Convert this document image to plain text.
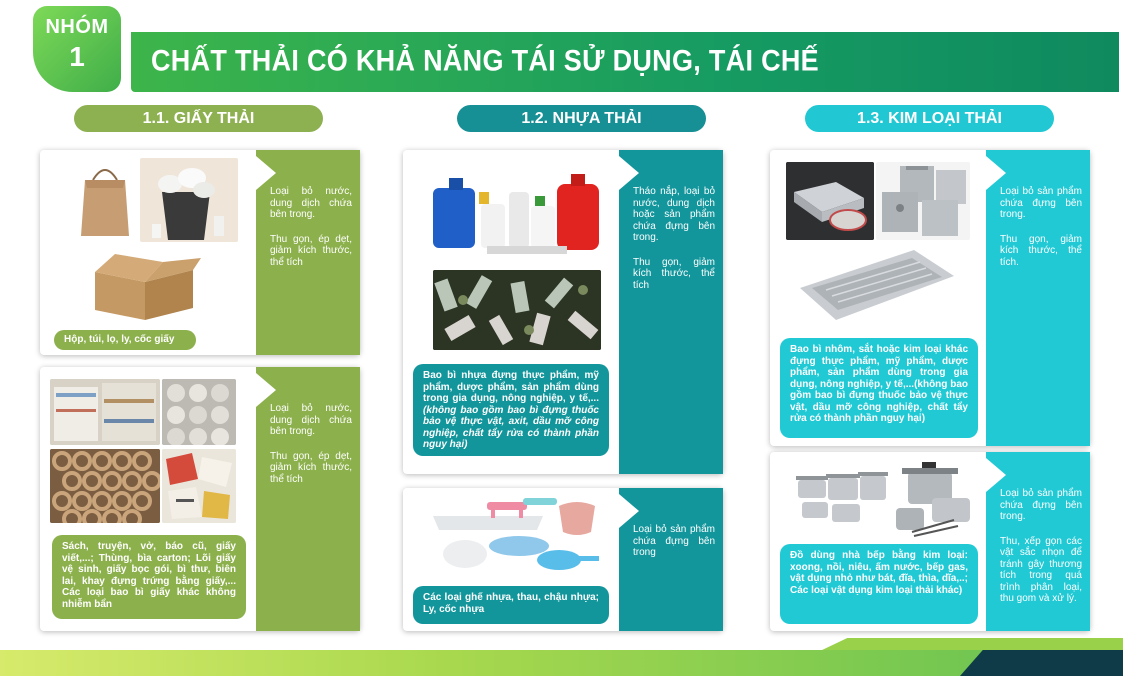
NHÓM
1	CHẤT THẢI CÓ KHẢ NĂNG TÁI SỬ DỤNG, TÁI CHẾ
1.1. GIẤY THẢI	1.2. NHỰA THẢI	1.3. KIM LOẠI THẢI
Hộp, túi, lọ, ly, cốc giấy

Loại bỏ nước, dung dịch chứa bên trong.

Thu gọn, ép dẹt, giảm kích thước, thể tích

Sách, truyện, vở, báo cũ, giấy viết,...; Thùng, bìa carton; Lõi giấy vệ sinh, giấy bọc gói, bì thư, biên lai, khay đựng trứng bằng giấy,... Các loại bao bì giấy khác không nhiễm bẩn

Loại bỏ nước, dung dịch chứa bên trong.

Thu gọn, ép dẹt, giảm kích thước, thể tích

Bao bì nhựa đựng thực phẩm, mỹ phẩm, dược phẩm, sản phẩm dùng trong gia dụng, nông nghiệp, y tế,...(không bao gồm bao bì đựng thuốc bảo vệ thực vật, axit, dầu mỡ công nghiệp, chất tẩy rửa có thành phần nguy hại)

Tháo nắp, loại bỏ nước, dung dịch hoặc sản phẩm chứa đựng bên trong.

Thu gọn, giảm kích thước, thể tích

Các loại ghế nhựa, thau, chậu nhựa; Ly, cốc nhựa

Loại bỏ sản phẩm chứa đựng bên trong

Bao bì nhôm, sắt hoặc kim loại khác đựng thực phẩm, mỹ phẩm, dược phẩm, sản phẩm dùng trong gia dụng, nông nghiệp, y tế,...(không bao gồm bao bì đựng thuốc bảo vệ thực vật, dầu mỡ công nghiệp, chất tẩy rửa có thành phần nguy hại)

Loại bỏ sản phẩm chứa đựng bên trong.

Thu gọn, giảm kích thước, thể tích.

Đồ dùng nhà bếp bằng kim loại: xoong, nồi, niêu, ấm nước, bếp gas, vật dụng nhỏ như bát, đĩa, thìa, dĩa,..; Các loại vật dụng kim loại thải khác)

Loại bỏ sản phẩm chứa đựng bên trong.

Thu, xếp gọn các vật sắc nhọn để tránh gây thương tích trong quá trình phân loại, thu gom và xử lý.
